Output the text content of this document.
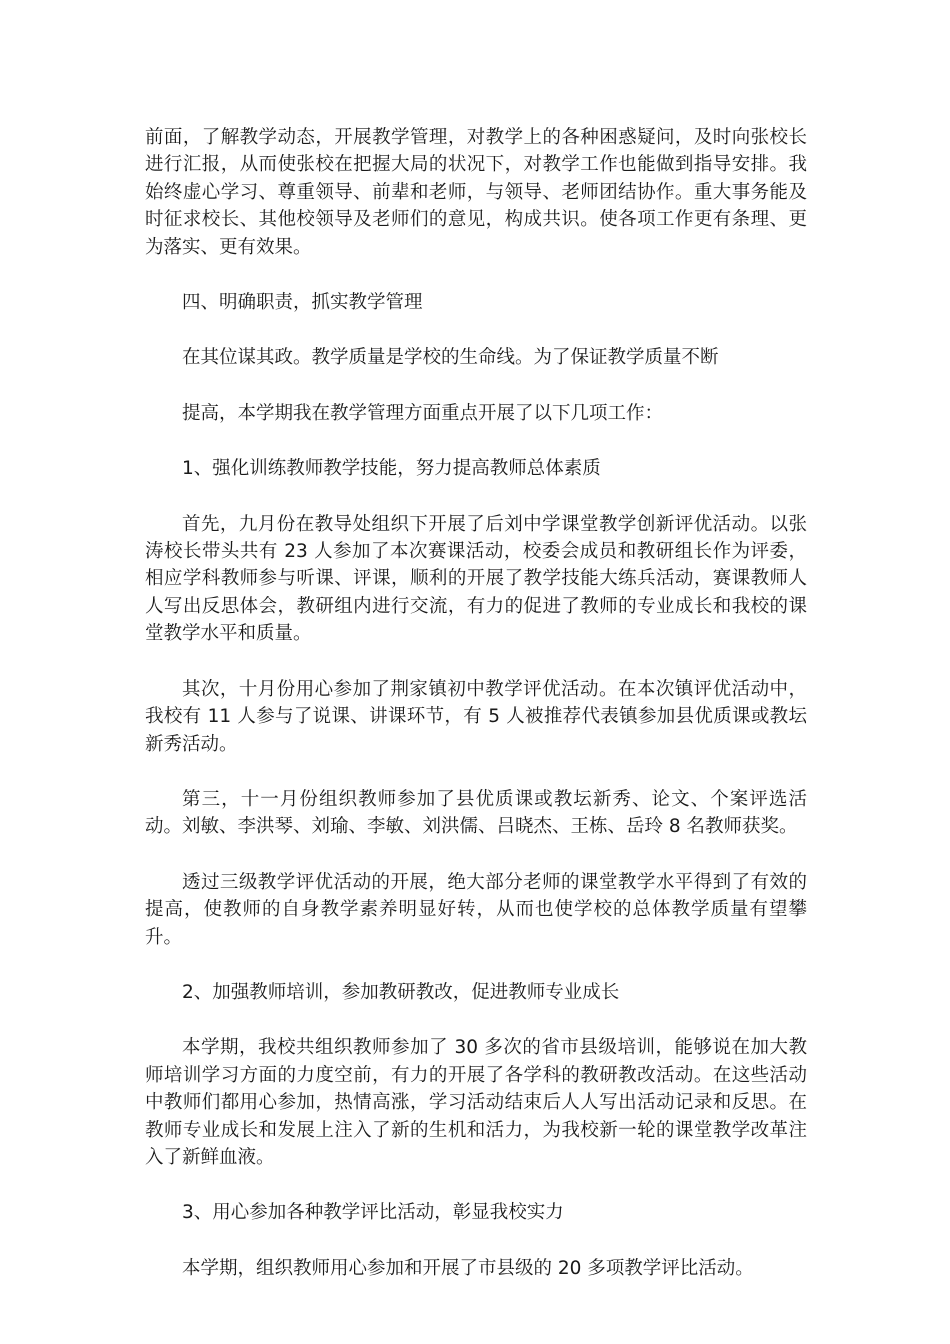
前面，了解教学动态，开展教学管理，对教学上的各种困惑疑问，及时向张校长进行汇报，从而使张校在把握大局的状况下，对教学工作也能做到指导安排。我始终虚心学习、尊重领导、前辈和老师，与领导、老师团结协作。重大事务能及时征求校长、其他校领导及老师们的意见，构成共识。使各项工作更有条理、更为落实、更有效果。

四、明确职责，抓实教学管理

在其位谋其政。教学质量是学校的生命线。为了保证教学质量不断

提高，本学期我在教学管理方面重点开展了以下几项工作：

1、强化训练教师教学技能，努力提高教师总体素质

首先，九月份在教导处组织下开展了后刘中学课堂教学创新评优活动。以张涛校长带头共有 23 人参加了本次赛课活动，校委会成员和教研组长作为评委，相应学科教师参与听课、评课，顺利的开展了教学技能大练兵活动，赛课教师人人写出反思体会，教研组内进行交流，有力的促进了教师的专业成长和我校的课堂教学水平和质量。

其次，十月份用心参加了荆家镇初中教学评优活动。在本次镇评优活动中，我校有 11 人参与了说课、讲课环节，有 5 人被推荐代表镇参加县优质课或教坛新秀活动。

第三，十一月份组织教师参加了县优质课或教坛新秀、论文、个案评选活动。刘敏、李洪琴、刘瑜、李敏、刘洪儒、吕晓杰、王栋、岳玲 8 名教师获奖。

透过三级教学评优活动的开展，绝大部分老师的课堂教学水平得到了有效的提高，使教师的自身教学素养明显好转，从而也使学校的总体教学质量有望攀升。

2、加强教师培训，参加教研教改，促进教师专业成长

本学期，我校共组织教师参加了 30 多次的省市县级培训，能够说在加大教师培训学习方面的力度空前，有力的开展了各学科的教研教改活动。在这些活动中教师们都用心参加，热情高涨，学习活动结束后人人写出活动记录和反思。在教师专业成长和发展上注入了新的生机和活力，为我校新一轮的课堂教学改革注入了新鲜血液。

3、用心参加各种教学评比活动，彰显我校实力

本学期，组织教师用心参加和开展了市县级的 20 多项教学评比活动。
